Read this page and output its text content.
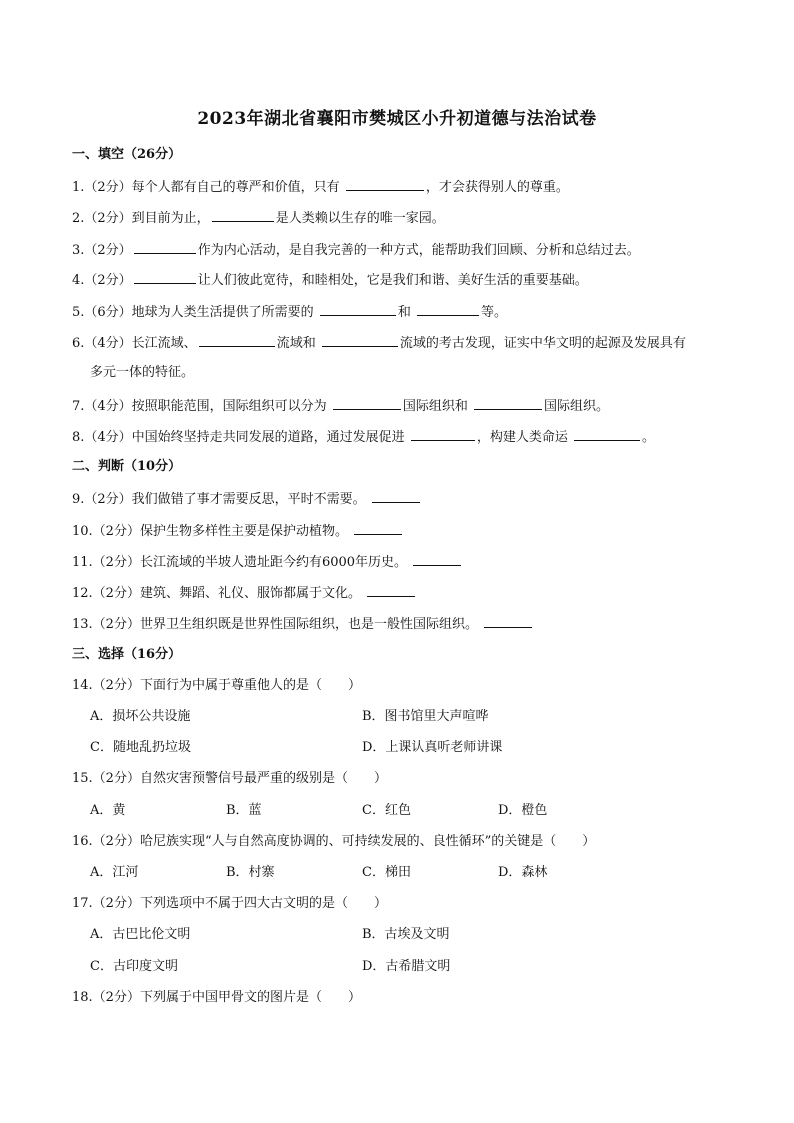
2023年湖北省襄阳市樊城区小升初道德与法治试卷
一、填空（26分）
1.（2分）每个人都有自己的尊严和价值，只有	，才会获得别人的尊重。
2.（2分）到目前为止，	是人类赖以生存的唯一家园。
3.（2分）	作为内心活动，是自我完善的一种方式，能帮助我们回顾、分析和总结过去。
4.（2分）	让人们彼此宽待，和睦相处，它是我们和谐、美好生活的重要基础。
5.（6分）地球为人类生活提供了所需要的	和	等。
6.（4分）长江流域、	流域和	流域的考古发现，证实中华文明的起源及发展具有
多元一体的特征。
7.（4分）按照职能范围，国际组织可以分为	国际组织和	国际组织。
8.（4分）中国始终坚持走共同发展的道路，通过发展促进	，构建人类命运	。
二、判断（10分）
9.（2分）我们做错了事才需要反思，平时不需要。
10.（2分）保护生物多样性主要是保护动植物。
11.（2分）长江流域的半坡人遗址距今约有6000年历史。
12.（2分）建筑、舞蹈、礼仪、服饰都属于文化。
13.（2分）世界卫生组织既是世界性国际组织，也是一般性国际组织。
三、选择（16分）
14.（2分）下面行为中属于尊重他人的是（　　）
A．损坏公共设施	B．图书馆里大声喧哗
C．随地乱扔垃圾	D．上课认真听老师讲课
15.（2分）自然灾害预警信号最严重的级别是（　　）
A．黄	B．蓝	C．红色	D．橙色
16.（2分）哈尼族实现“人与自然高度协调的、可持续发展的、良性循环”的关键是（　　）
A．江河	B．村寨	C．梯田	D．森林
17.（2分）下列选项中不属于四大古文明的是（　　）
A．古巴比伦文明	B．古埃及文明
C．古印度文明	D．古希腊文明
18.（2分）下列属于中国甲骨文的图片是（　　）
